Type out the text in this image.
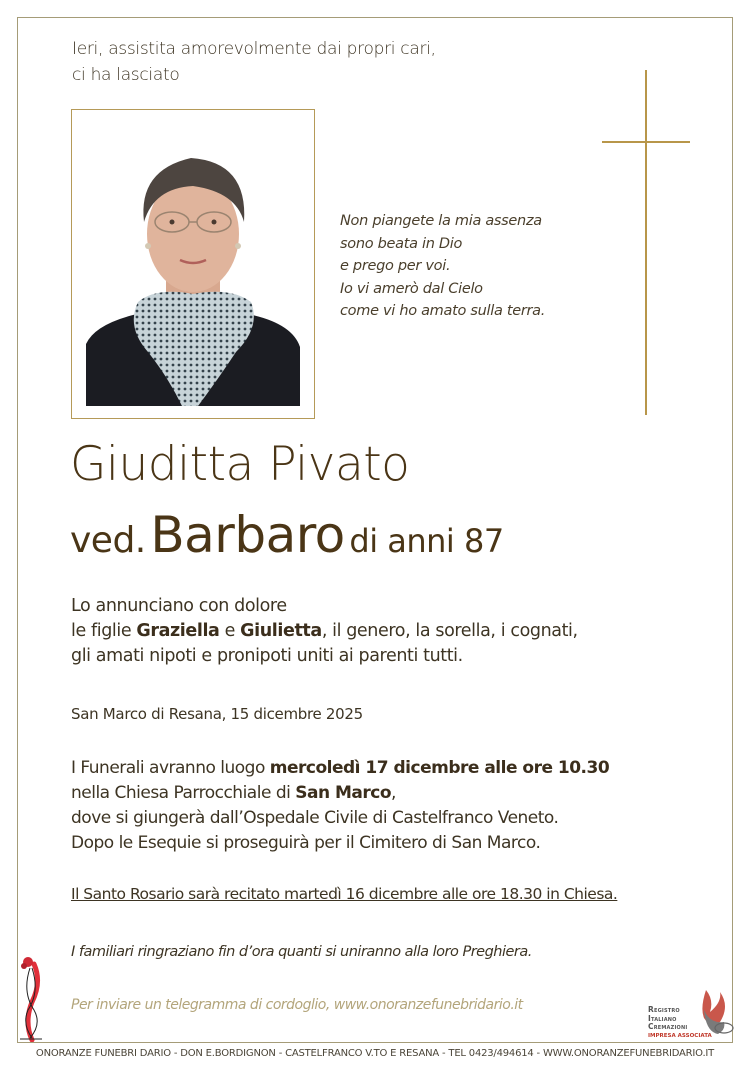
Ieri, assistita amorevolmente dai propri cari,
ci ha lasciato
Non piangete la mia assenza
sono beata in Dio
e prego per voi.
Io vi amerò dal Cielo
come vi ho amato sulla terra.
Giuditta Pivato
ved. Barbaro di anni 87
Lo annunciano con dolore
le figlie Graziella e Giulietta, il genero, la sorella, i cognati,
gli amati nipoti e pronipoti uniti ai parenti tutti.
San Marco di Resana, 15 dicembre 2025
I Funerali avranno luogo mercoledì 17 dicembre alle ore 10.30
nella Chiesa Parrocchiale di San Marco,
dove si giungerà dall’Ospedale Civile di Castelfranco Veneto.
Dopo le Esequie si proseguirà per il Cimitero di San Marco.
Il Santo Rosario sarà recitato martedì 16 dicembre alle ore 18.30 in Chiesa.
I familiari ringraziano fin d’ora quanti si uniranno alla loro Preghiera.
Per inviare un telegramma di cordoglio, www.onoranzefunebridario.it	Registro
Italiano
Cremazioni
IMPRESA ASSOCIATA
ONORANZE FUNEBRI DARIO - DON E.BORDIGNON - CASTELFRANCO V.TO E RESANA - TEL 0423/494614 - WWW.ONORANZEFUNEBRIDARIO.IT
